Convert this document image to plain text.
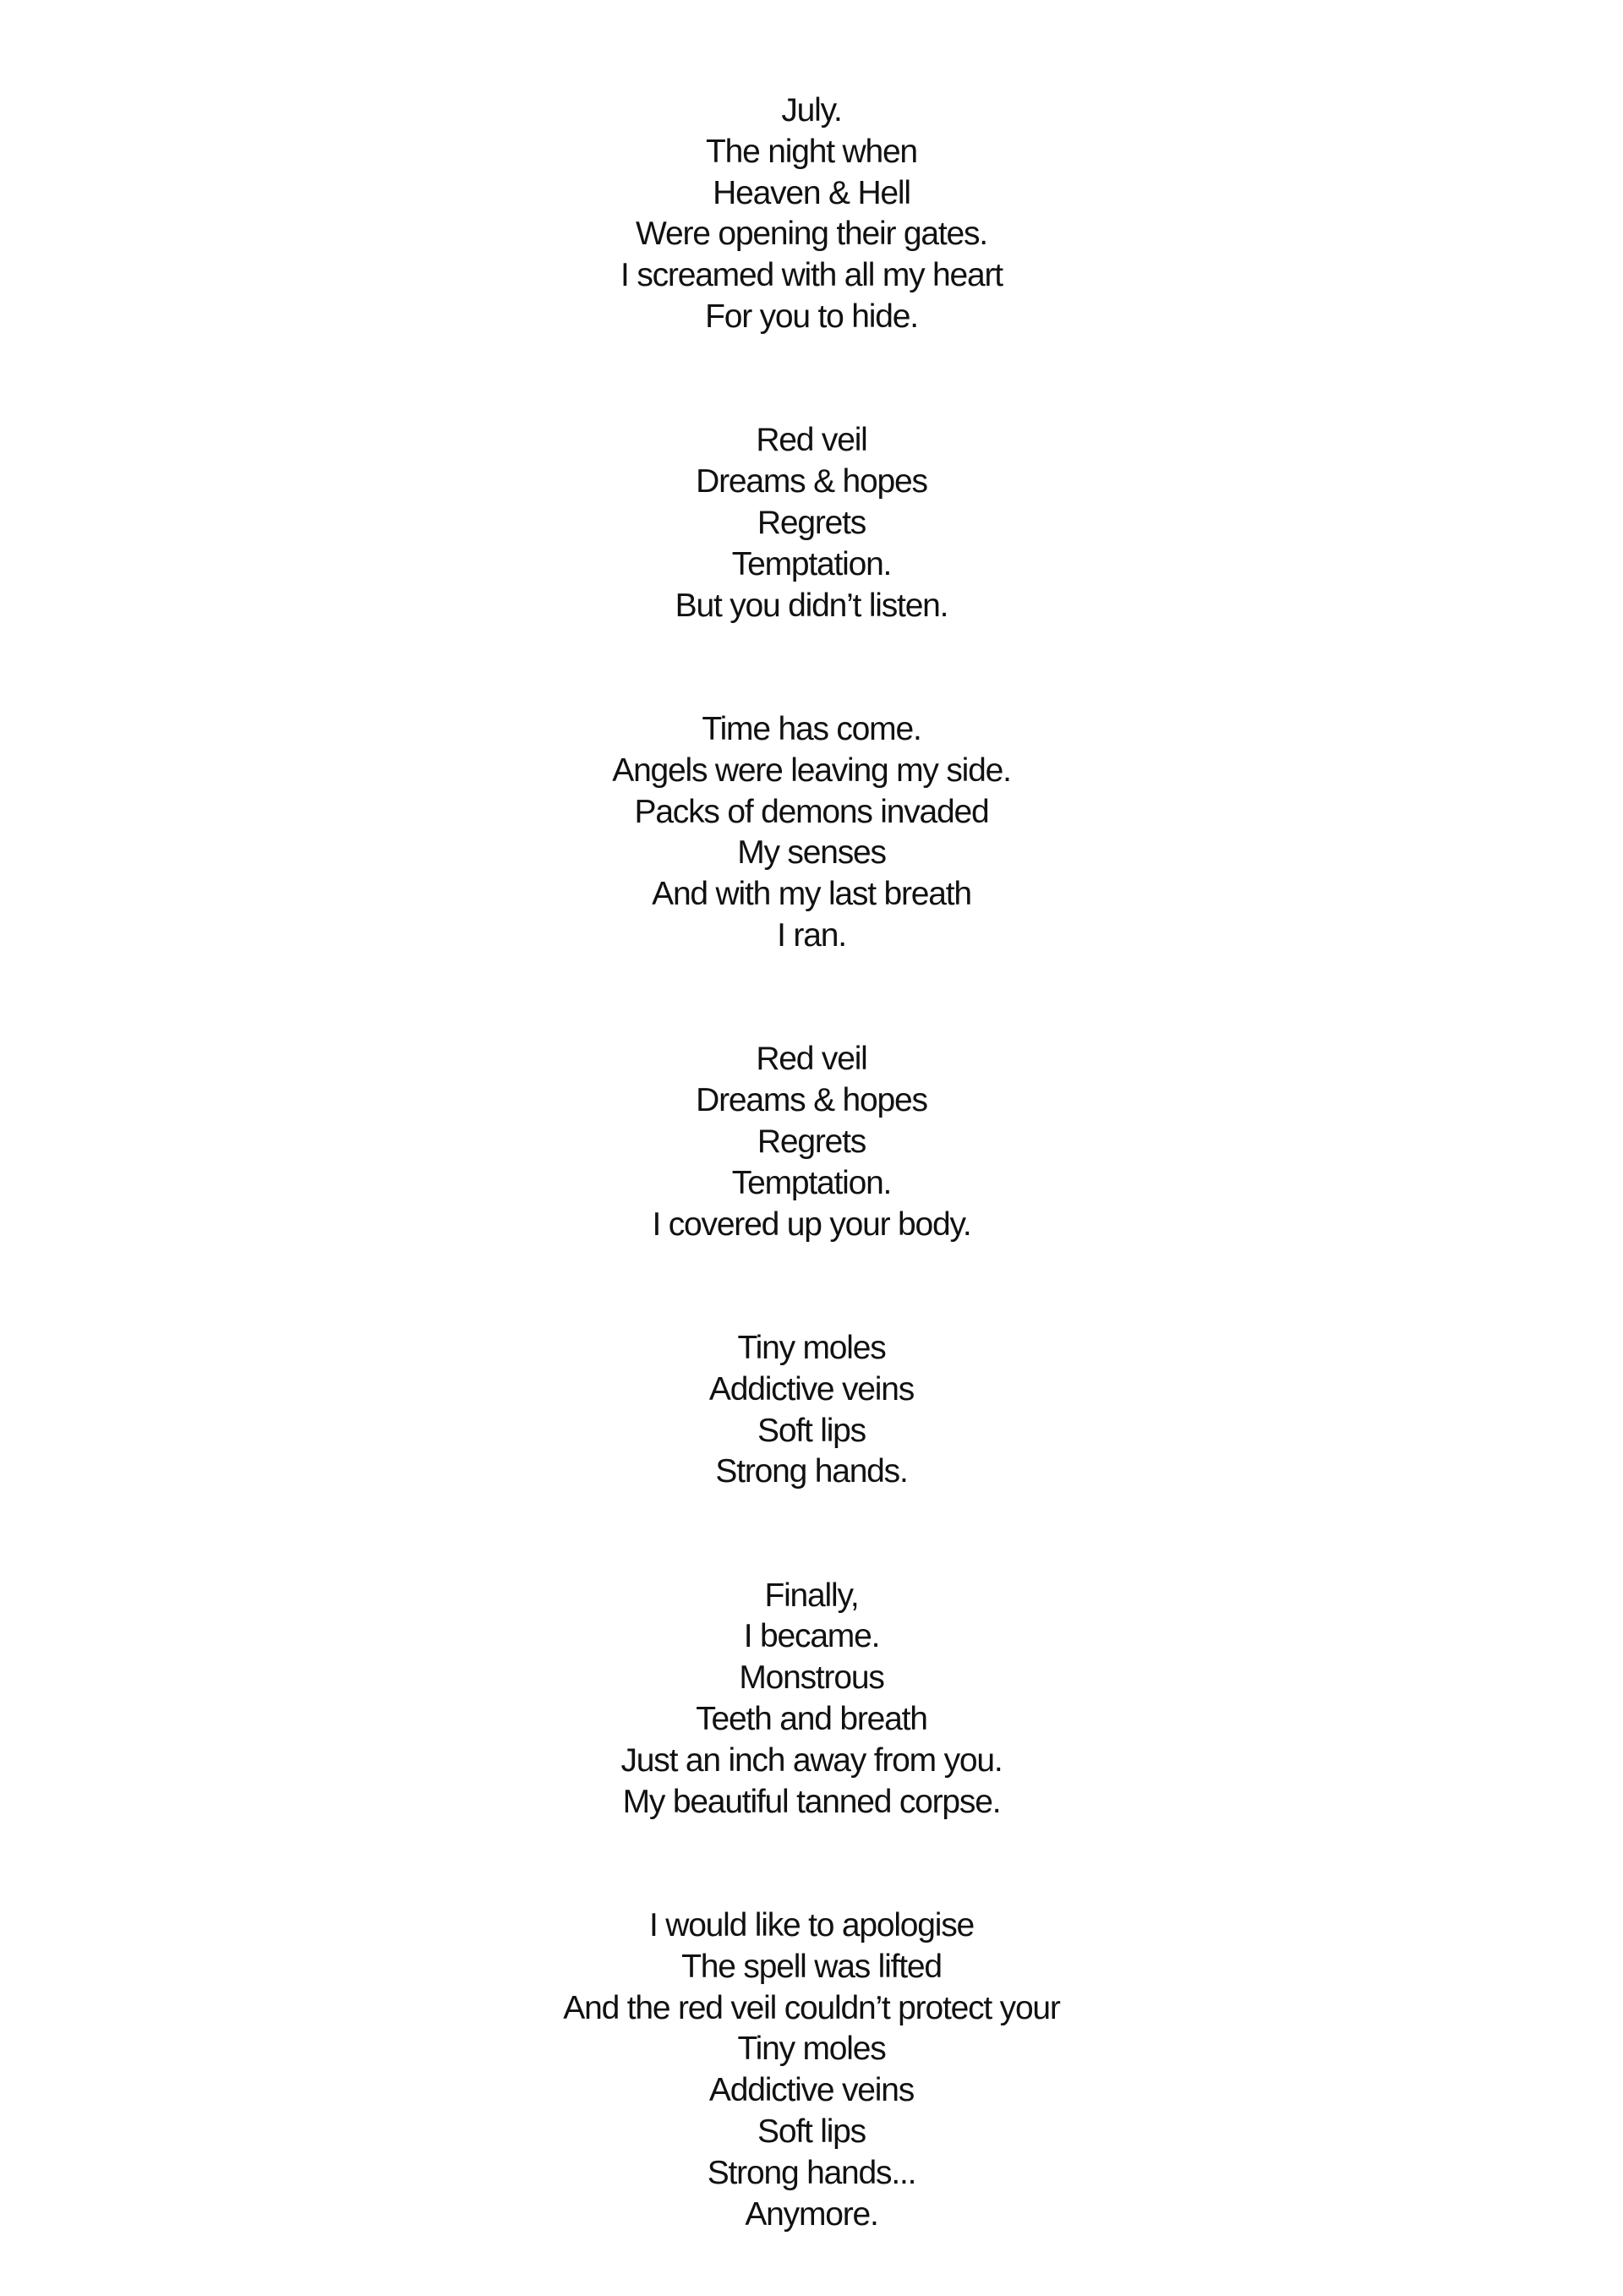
July.
The night when
Heaven & Hell
Were opening their gates.
I screamed with all my heart
For you to hide.
Red veil
Dreams & hopes
Regrets
Temptation.
But you didn’t listen.
Time has come.
Angels were leaving my side.
Packs of demons invaded
My senses
And with my last breath
I ran.
Red veil
Dreams & hopes
Regrets
Temptation.
I covered up your body.
Tiny moles
Addictive veins
Soft lips
Strong hands.
Finally,
I became.
Monstrous
Teeth and breath
Just an inch away from you.
My beautiful tanned corpse.
I would like to apologise
The spell was lifted
And the red veil couldn’t protect your
Tiny moles
Addictive veins
Soft lips
Strong hands...
Anymore.
